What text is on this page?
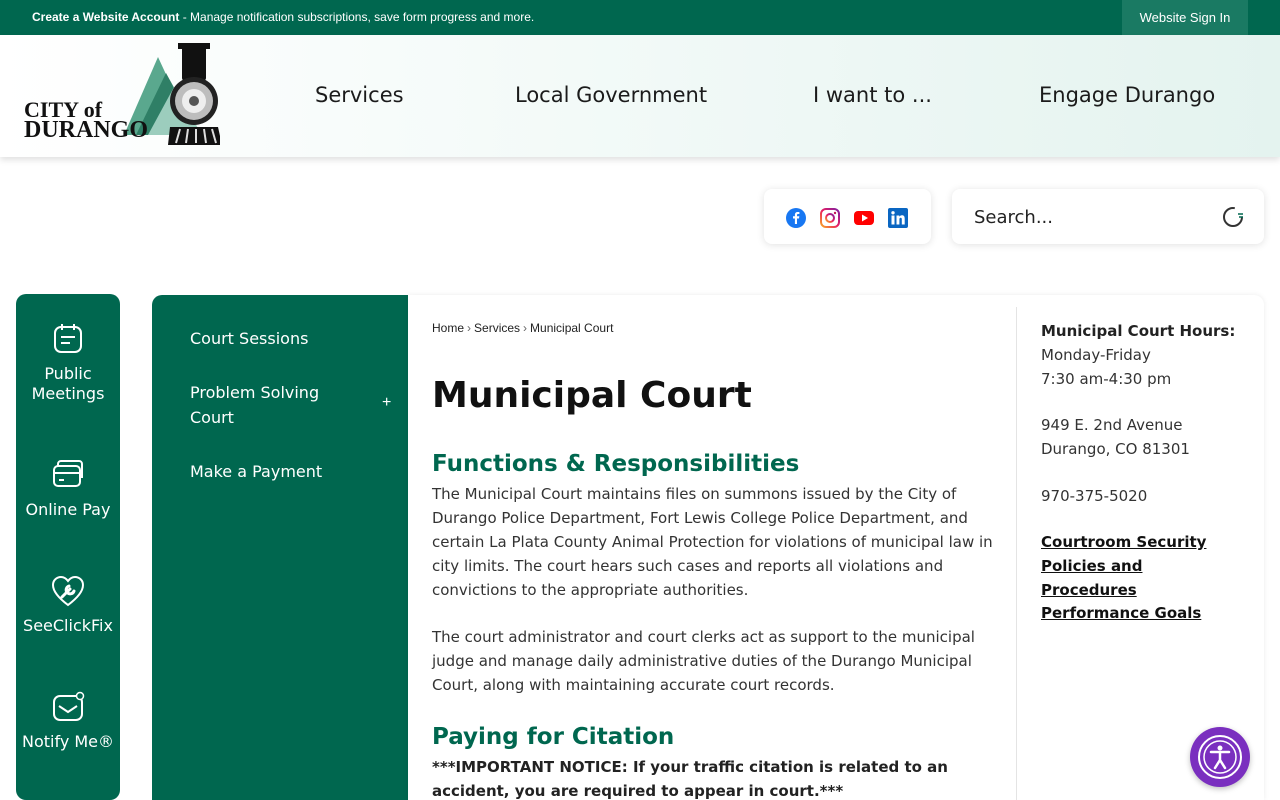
Create a Website Account - Manage notification subscriptions, save form progress and more.	Website Sign In
CITY of
DURANGO
Services	Local Government	I want to ...	Engage Durango
Search...
Public Meetings
Online Pay
SeeClickFix
Notify Me®
Court Sessions
Problem Solving Court
+
Make a Payment
Home › Services › Municipal Court
Municipal Court
Functions & Responsibilities
The Municipal Court maintains files on summons issued by the City of Durango Police Department, Fort Lewis College Police Department, and certain La Plata County Animal Protection for violations of municipal law in city limits. The court hears such cases and reports all violations and convictions to the appropriate authorities.
The court administrator and court clerks act as support to the municipal judge and manage daily administrative duties of the Durango Municipal Court, along with maintaining accurate court records.
Paying for Citation
***IMPORTANT NOTICE: If your traffic citation is related to an accident, you are required to appear in court.***
Municipal Court Hours:
Monday-Friday
7:30 am-4:30 pm
949 E. 2nd Avenue
Durango, CO 81301
970-375-5020
Courtroom Security Policies and Procedures
Performance Goals
